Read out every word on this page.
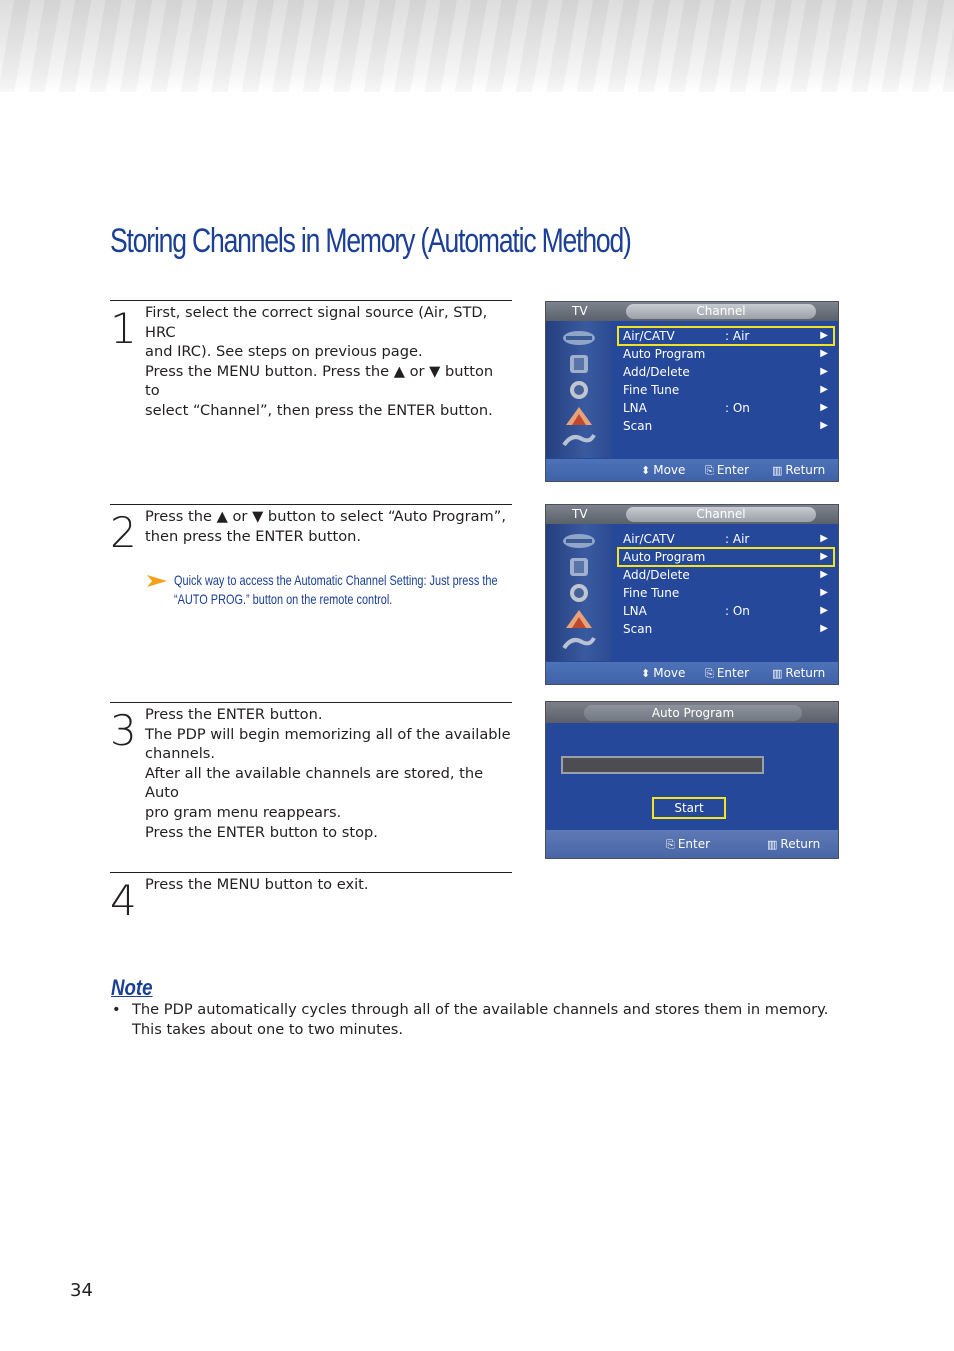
Storing Channels in Memory (Automatic Method)
1 First, select the correct signal source (Air, STD, HRC
and IRC). See steps on previous page.
Press the MENU button. Press the ▲ or ▼ button to
select “Channel”, then press the ENTER button.
2 Press the ▲ or ▼ button to select “Auto Program”,
then press the ENTER button.
Quick way to access the Automatic Channel Setting: Just press the
“AUTO PROG.” button on the remote control.
3 Press the ENTER button.
The PDP will begin memorizing all of the available
channels.
After all the available channels are stored, the Auto
pro gram menu reappears.
Press the ENTER button to stop.
4 Press the MENU button to exit.
TV	Channel
Air/CATV	: Air	▶
Auto Program	▶
Add/Delete	▶
Fine Tune	▶
LNA	: On	▶
Scan	▶
⬍ Move ⎘ Enter ▥ Return
TV	Channel
Air/CATV	: Air	▶
Auto Program	▶
Add/Delete	▶
Fine Tune	▶
LNA	: On	▶
Scan	▶
⬍ Move ⎘ Enter ▥ Return
Auto Program
Start
⎘ Enter	▥ Return
Note
• The PDP automatically cycles through all of the available channels and stores them in memory.
This takes about one to two minutes.
34
